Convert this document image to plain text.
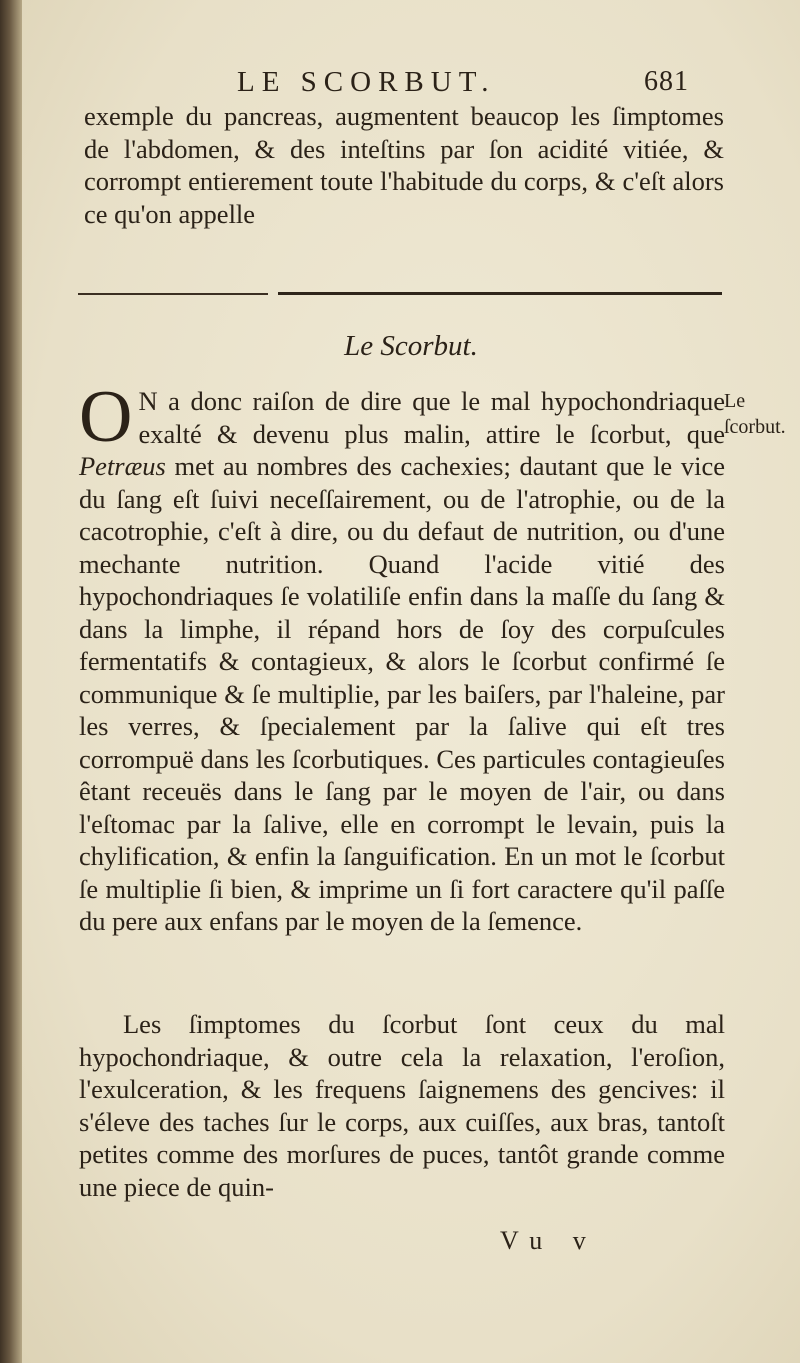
LE SCORBUT.	681
exemple du pancreas, augmentent beaucop les ſimptomes de l'abdomen, & des inteſtins par ſon acidité vitiée, & corrompt entierement toute l'habitude du corps, & c'eſt alors ce qu'on appelle
Le Scorbut.
O N a donc raiſon de dire que le mal hypochondriaque exalté & devenu plus malin, attire le ſcorbut, que Petræus met au nombres des cachexies; dautant que le vice du ſang eſt ſuivi neceſſairement, ou de l'atrophie, ou de la cacotrophie, c'eſt à dire, ou du defaut de nutrition, ou d'une mechante nutrition. Quand l'acide vitié des hypochondriaques ſe volatiliſe enfin dans la maſſe du ſang & dans la limphe, il répand hors de ſoy des corpuſcules fermentatifs & contagieux, & alors le ſcorbut confirmé ſe communique & ſe multiplie, par les baiſers, par l'haleine, par les verres, & ſpecialement par la ſalive qui eſt tres corrompuë dans les ſcorbutiques. Ces particules contagieuſes êtant receuës dans le ſang par le moyen de l'air, ou dans l'eſtomac par la ſalive, elle en corrompt le levain, puis la chylification, & enfin la ſanguification. En un mot le ſcorbut ſe multiplie ſi bien, & imprime un ſi fort caractere qu'il paſſe du pere aux enfans par le moyen de la ſemence.
Le ſcorbut.
Les ſimptomes du ſcorbut ſont ceux du mal hypochondriaque, & outre cela la relaxation, l'eroſion, l'exulceration, & les frequens ſaignemens des gencives: il s'éleve des taches ſur le corps, aux cuiſſes, aux bras, tantoſt petites comme des morſures de puces, tantôt grande comme une piece de quin-
Vu v
